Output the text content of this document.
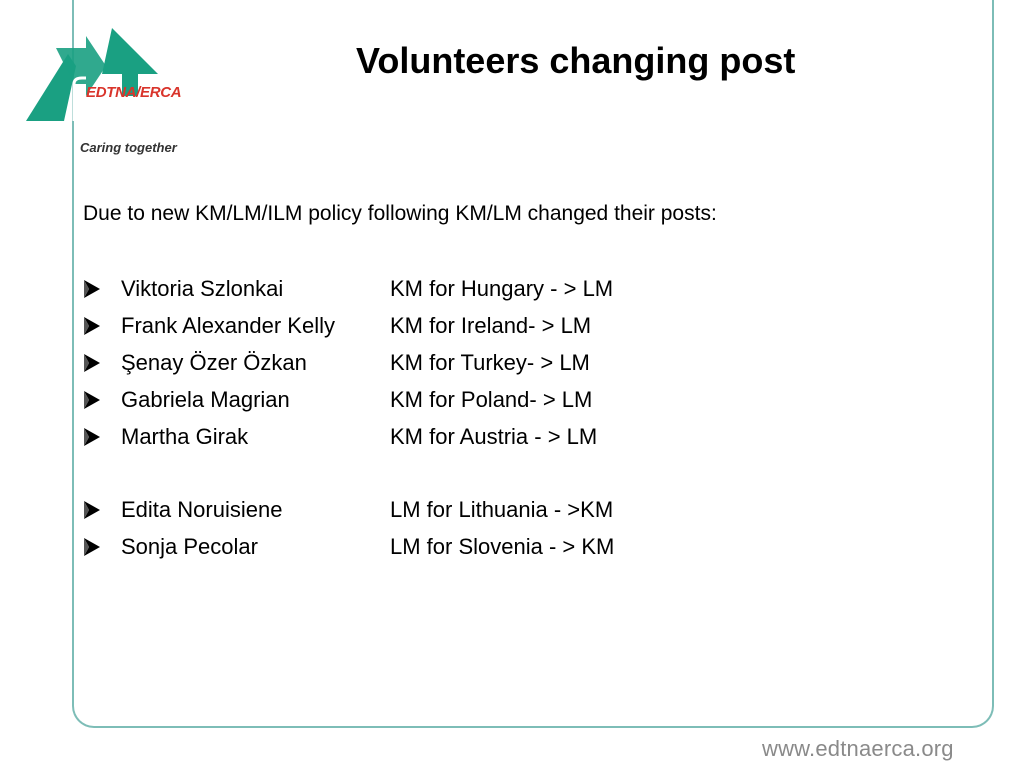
EDTNA/ERCA
Caring together
Volunteers changing post

Due to new KM/LM/ILM policy following KM/LM changed their posts:

Viktoria Szlonkai	KM for Hungary - > LM
Frank Alexander Kelly	KM for Ireland- > LM
Şenay Özer Özkan	KM for Turkey- > LM
Gabriela Magrian	KM for Poland- > LM
Martha Girak	KM for Austria - > LM
Edita Noruisiene	LM for Lithuania - >KM
Sonja Pecolar	LM for Slovenia - > KM
www.edtnaerca.org
